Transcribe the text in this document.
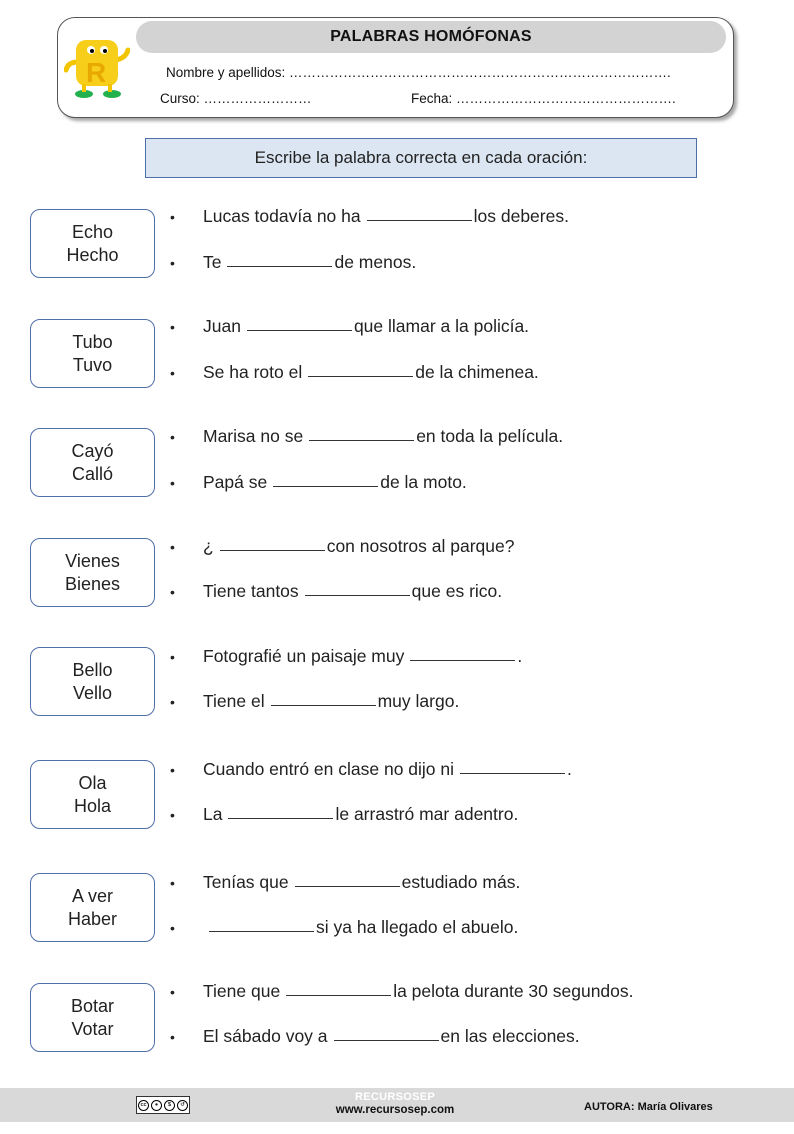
PALABRAS HOMÓFONAS
R	Nombre y apellidos: ………………………………………………………………………….
Curso: ……………………	Fecha: ………………………………………….
Escribe la palabra correcta en cada oración:
Echo
Hecho
•	Lucas todavía no ha	los deberes.
•	Te	de menos.
Tubo
Tuvo
•	Juan	que llamar a la policía.
•	Se ha roto el	de la chimenea.
Cayó
Calló
•	Marisa no se	en toda la película.
•	Papá se	de la moto.
Vienes
Bienes
•	¿	con nosotros al parque?
•	Tiene tantos	que es rico.
Bello
Vello
•	Fotografié un paisaje muy	.
•	Tiene el	muy largo.
Ola
Hola
•	Cuando entró en clase no dijo ni	.
•	La	le arrastró mar adentro.
A ver
Haber
•	Tenías que	estudiado más.
•	si ya ha llegado el abuelo.
Botar
Votar
•	Tiene que	la pelota durante 30 segundos.
•	El sábado voy a	en las elecciones.
cc	●	$	↺
RECURSOSEP
www.recursosep.com	AUTORA: María Olivares
